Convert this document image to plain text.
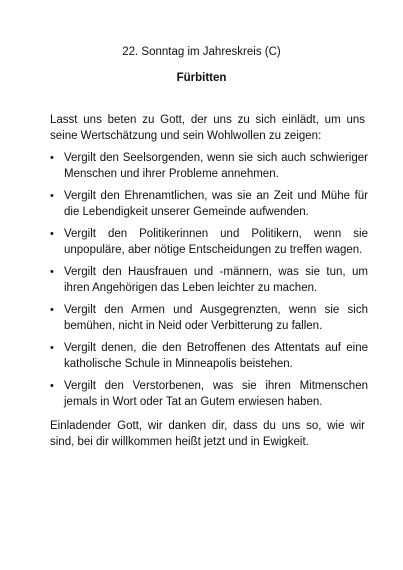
22. Sonntag im Jahreskreis (C)
Fürbitten
Lasst uns beten zu Gott, der uns zu sich einlädt, um uns seine Wertschätzung und sein Wohlwollen zu zeigen:
• Vergilt den Seelsorgenden, wenn sie sich auch schwieriger Menschen und ihrer Probleme annehmen.
• Vergilt den Ehrenamtlichen, was sie an Zeit und Mühe für die Lebendigkeit unserer Gemeinde aufwenden.
• Vergilt den Politikerinnen und Politikern, wenn sie unpopuläre, aber nötige Entscheidungen zu treffen wagen.
• Vergilt den Hausfrauen und -männern, was sie tun, um ihren Angehörigen das Leben leichter zu machen.
• Vergilt den Armen und Ausgegrenzten, wenn sie sich bemühen, nicht in Neid oder Verbitterung zu fallen.
• Vergilt denen, die den Betroffenen des Attentats auf eine katholische Schule in Minneapolis beistehen.
• Vergilt den Verstorbenen, was sie ihren Mitmenschen jemals in Wort oder Tat an Gutem erwiesen haben.
Einladender Gott, wir danken dir, dass du uns so, wie wir sind, bei dir willkommen heißt jetzt und in Ewigkeit.
